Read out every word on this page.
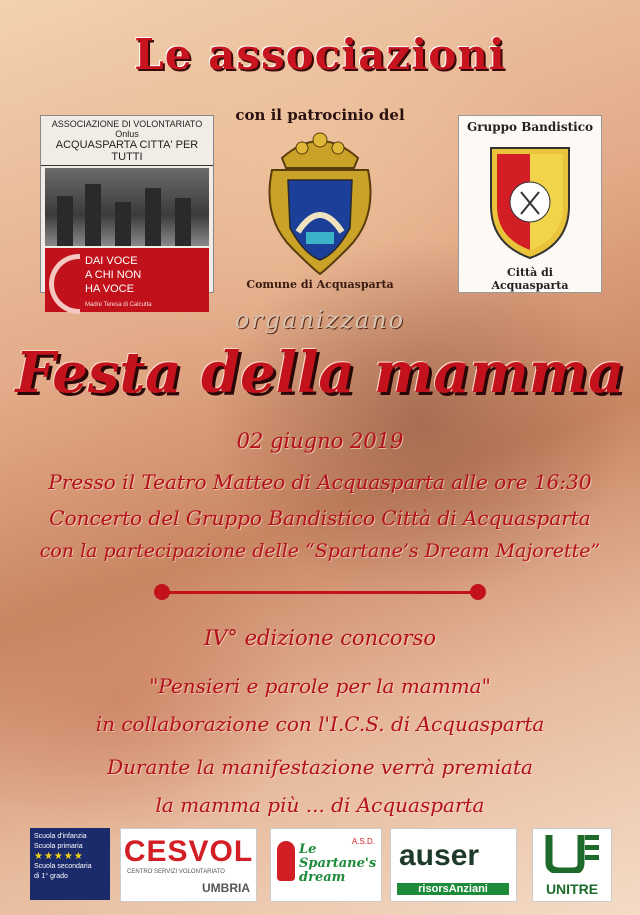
Le associazioni
con il patrocinio del
ASSOCIAZIONE DI VOLONTARIATO Onlus
ACQUASPARTA CITTA' PER TUTTI
DAI VOCE
A CHI NON
HA VOCE
Madre Teresa di Calcutta
Comune di Acquasparta
Gruppo Bandistico
Città di
Acquasparta
organizzano
Festa della mamma
02 giugno 2019
Presso il Teatro Matteo di Acquasparta alle ore 16:30
Concerto del Gruppo Bandistico Città di Acquasparta
con la partecipazione delle “Spartane’s Dream Majorette”
IV° edizione concorso
"Pensieri e parole per la mamma"
in collaborazione con l'I.C.S. di Acquasparta
Durante la manifestazione verrà premiata
la mamma più ... di Acquasparta
Scuola d'infanzia
Scuola primaria
★★★★★
Scuola secondaria
di 1° grado
CESVOL
CENTRO SERVIZI VOLONTARIATO
UMBRIA
Le
Spartane's
dream
A.S.D. auser
risorsAnziani	UNITRE
